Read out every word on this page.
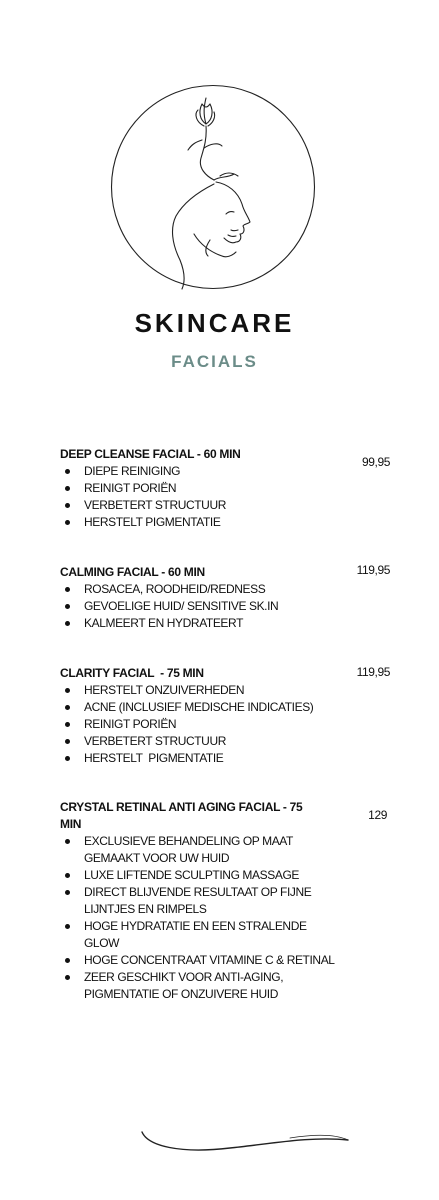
SKINCARE
FACIALS
DEEP CLEANSE FACIAL - 60 MIN
99,95
DIEPE REINIGING
REINIGT PORIËN
VERBETERT STRUCTUUR
HERSTELT PIGMENTATIE
CALMING FACIAL - 60 MIN	119,95
ROSACEA, ROODHEID/REDNESS
GEVOELIGE HUID/ SENSITIVE SK.IN
KALMEERT EN HYDRATEERT
CLARITY FACIAL  - 75 MIN	119,95
HERSTELT ONZUIVERHEDEN
ACNE (INCLUSIEF MEDISCHE INDICATIES)
REINIGT PORIËN
VERBETERT STRUCTUUR
HERSTELT  PIGMENTATIE
CRYSTAL RETINAL ANTI AGING FACIAL - 75 MIN
129
EXCLUSIEVE BEHANDELING OP MAAT GEMAAKT VOOR UW HUID
LUXE LIFTENDE SCULPTING MASSAGE
DIRECT BLIJVENDE RESULTAAT OP FIJNE LIJNTJES EN RIMPELS
HOGE HYDRATATIE EN EEN STRALENDE GLOW
HOGE CONCENTRAAT VITAMINE C & RETINAL
ZEER GESCHIKT VOOR ANTI-AGING, PIGMENTATIE OF ONZUIVERE HUID
